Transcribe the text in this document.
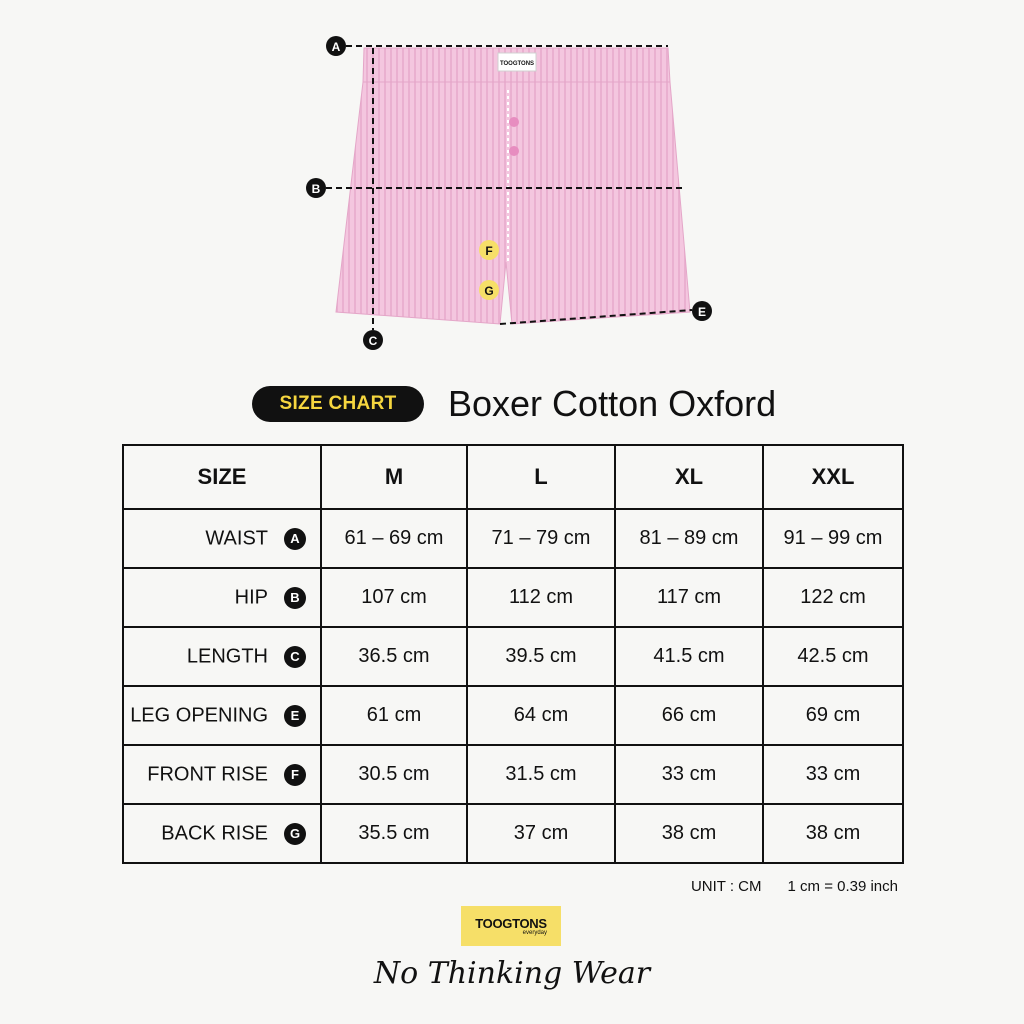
TOOGTONS
A
B
C
E
F
G
SIZE CHART	Boxer Cotton Oxford
SIZE	M	L	XL	XXL

WAIST A	61 – 69 cm	71 – 79 cm	81 – 89 cm	91 – 99 cm

HIP B	107 cm	112 cm	117 cm	122 cm

LENGTH C	36.5 cm	39.5 cm	41.5 cm	42.5 cm

LEG OPENING E	61 cm	64 cm	66 cm	69 cm

FRONT RISE F	30.5 cm	31.5 cm	33 cm	33 cm

BACK RISE G	35.5 cm	37 cm	38 cm	38 cm
UNIT : CM 1 cm = 0.39 inch
TOOGTONS
everyday
No Thinking Wear
